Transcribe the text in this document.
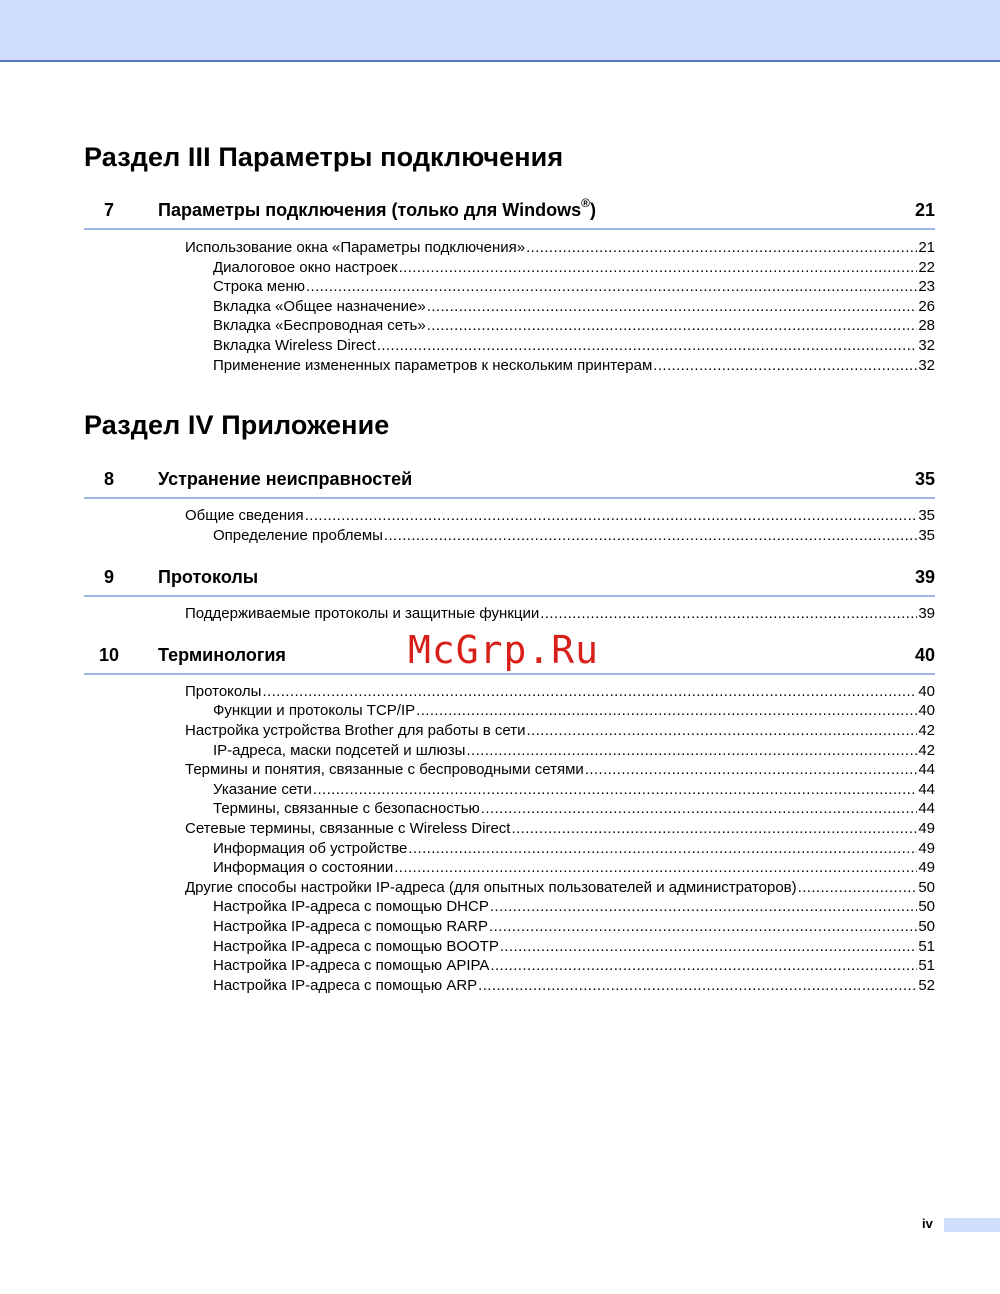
Раздел III Параметры подключения
7	Параметры подключения (только для Windows®)	21
Использование окна «Параметры подключения» .....	21
Диалоговое окно настроек .....	22
Строка меню .....	23
Вкладка «Общее назначение» .....	26
Вкладка «Беспроводная сеть» .....	28
Вкладка Wireless Direct .....	32
Применение измененных параметров к нескольким принтерам .....	32
Раздел IV Приложение
8	Устранение неисправностей	35
Общие сведения .....	35
Определение проблемы .....	35
9	Протоколы	39
Поддерживаемые протоколы и защитные функции .....	39
10	Терминология	40
Протоколы .....	40
Функции и протоколы TCP/IP .....	40
Настройка устройства Brother для работы в сети .....	42
IP-адреса, маски подсетей и шлюзы .....	42
Термины и понятия, связанные с беспроводными сетями .....	44
Указание сети .....	44
Термины, связанные с безопасностью .....	44
Сетевые термины, связанные с Wireless Direct .....	49
Информация об устройстве .....	49
Информация о состоянии .....	49
Другие способы настройки IP-адреса (для опытных пользователей и администраторов) .....	50
Настройка IP-адреса с помощью DHCP .....	50
Настройка IP-адреса с помощью RARP .....	50
Настройка IP-адреса с помощью BOOTP .....	51
Настройка IP-адреса с помощью APIPA .....	51
Настройка IP-адреса с помощью ARP .....	52
McGrp.Ru
iv
